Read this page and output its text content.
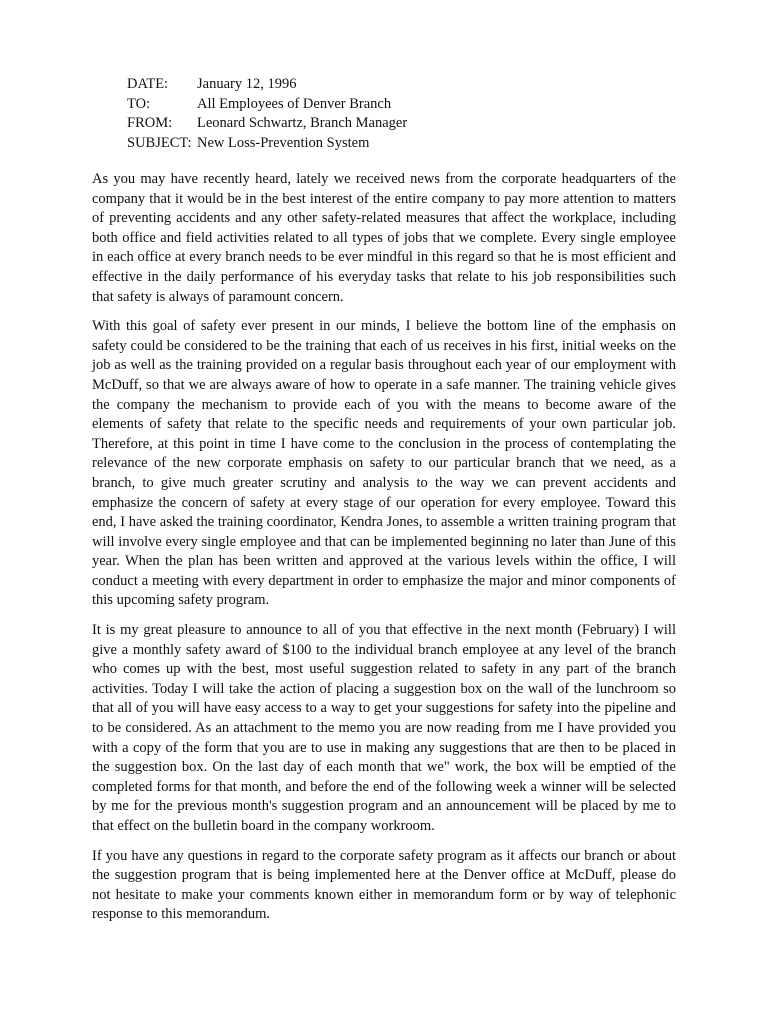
DATE:	January 12, 1996
TO:	All Employees of Denver Branch
FROM:	Leonard Schwartz, Branch Manager
SUBJECT: New Loss-Prevention System

As you may have recently heard, lately we received news from the corporate headquarters of the company that it would be in the best interest of the entire company to pay more attention to matters of preventing accidents and any other safety-related measures that affect the workplace, including both office and field activities related to all types of jobs that we complete. Every single employee in each office at every branch needs to be ever mindful in this regard so that he is most efficient and effective in the daily performance of his everyday tasks that relate to his job responsibilities such that safety is always of paramount concern.

With this goal of safety ever present in our minds, I believe the bottom line of the emphasis on safety could be considered to be the training that each of us receives in his first, initial weeks on the job as well as the training provided on a regular basis throughout each year of our employment with McDuff, so that we are always aware of how to operate in a safe manner. The training vehicle gives the company the mechanism to provide each of you with the means to become aware of the elements of safety that relate to the specific needs and requirements of your own particular job. Therefore, at this point in time I have come to the conclusion in the process of contemplating the relevance of the new corporate emphasis on safety to our particular branch that we need, as a branch, to give much greater scrutiny and analysis to the way we can prevent accidents and emphasize the concern of safety at every stage of our operation for every employee. Toward this end, I have asked the training coordinator, Kendra Jones, to assemble a written training program that will involve every single employee and that can be implemented beginning no later than June of this year. When the plan has been written and approved at the various levels within the office, I will conduct a meeting with every department in order to emphasize the major and minor components of this upcoming safety program.

It is my great pleasure to announce to all of you that effective in the next month (February) I will give a monthly safety award of $100 to the individual branch employee at any level of the branch who comes up with the best, most useful suggestion related to safety in any part of the branch activities. Today I will take the action of placing a suggestion box on the wall of the lunchroom so that all of you will have easy access to a way to get your suggestions for safety into the pipeline and to be considered. As an attachment to the memo you are now reading from me I have provided you with a copy of the form that you are to use in making any suggestions that are then to be placed in the suggestion box. On the last day of each month that we" work, the box will be emptied of the completed forms for that month, and before the end of the following week a winner will be selected by me for the previous month's suggestion program and an announcement will be placed by me to that effect on the bulletin board in the company workroom.

If you have any questions in regard to the corporate safety program as it affects our branch or about the suggestion program that is being implemented here at the Denver office at McDuff, please do not hesitate to make your comments known either in memorandum form or by way of telephonic response to this memorandum.
